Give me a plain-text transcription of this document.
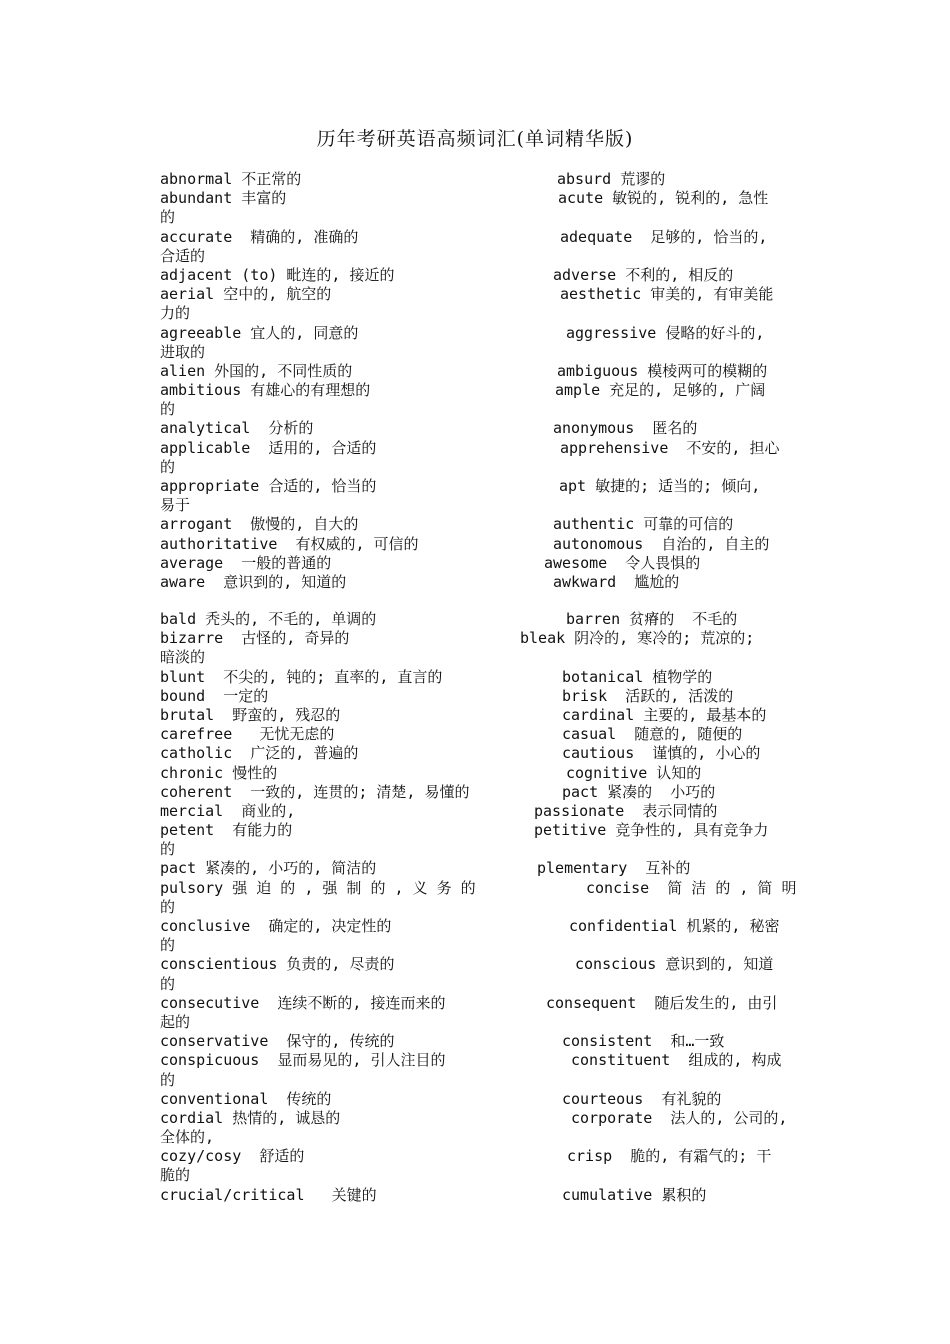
历年考研英语高频词汇(单词精华版)
abnormal 不正常的	absurd 荒谬的
abundant 丰富的	acute 敏锐的, 锐利的, 急性
的
accurate  精确的, 准确的	adequate  足够的, 恰当的,
合适的
adjacent (to) 毗连的, 接近的	adverse 不利的, 相反的
aerial 空中的, 航空的	aesthetic 审美的, 有审美能
力的
agreeable 宜人的, 同意的	aggressive 侵略的好斗的,
进取的
alien 外国的, 不同性质的	ambiguous 模棱两可的模糊的
ambitious 有雄心的有理想的	ample 充足的, 足够的, 广阔
的
analytical  分析的	anonymous  匿名的
applicable  适用的, 合适的	apprehensive  不安的, 担心
的
appropriate 合适的, 恰当的	apt 敏捷的; 适当的; 倾向,
易于
arrogant  傲慢的, 自大的	authentic 可靠的可信的
authoritative  有权威的, 可信的	autonomous  自治的, 自主的
average  一般的普通的	awesome  令人畏惧的
aware  意识到的, 知道的	awkward  尴尬的
bald 秃头的, 不毛的, 单调的	barren 贫瘠的  不毛的
bizarre  古怪的, 奇异的	bleak 阴冷的, 寒冷的; 荒凉的;
暗淡的
blunt  不尖的, 钝的; 直率的, 直言的	botanical 植物学的
bound  一定的	brisk  活跃的, 活泼的
brutal  野蛮的, 残忍的	cardinal 主要的, 最基本的
carefree   无忧无虑的	casual  随意的, 随便的
catholic  广泛的, 普遍的	cautious  谨慎的, 小心的
chronic 慢性的	cognitive 认知的
coherent  一致的, 连贯的; 清楚, 易懂的	pact 紧凑的  小巧的
mercial  商业的,	passionate  表示同情的
petent  有能力的	petitive 竞争性的, 具有竞争力
的
pact 紧凑的, 小巧的, 简洁的	plementary  互补的
pulsory 强 迫 的 , 强 制 的 , 义 务 的	concise  简 洁 的 , 简 明
的
conclusive  确定的, 决定性的	confidential 机紧的, 秘密
的
conscientious 负责的, 尽责的	conscious 意识到的, 知道
的
consecutive  连续不断的, 接连而来的	consequent  随后发生的, 由引
起的
conservative  保守的, 传统的	consistent  和…一致
conspicuous  显而易见的, 引人注目的	constituent  组成的, 构成
的
conventional  传统的	courteous  有礼貌的
cordial 热情的, 诚恳的	corporate  法人的, 公司的,
全体的,
cozy/cosy  舒适的	crisp  脆的, 有霜气的; 干
脆的
crucial/critical   关键的	cumulative 累积的
